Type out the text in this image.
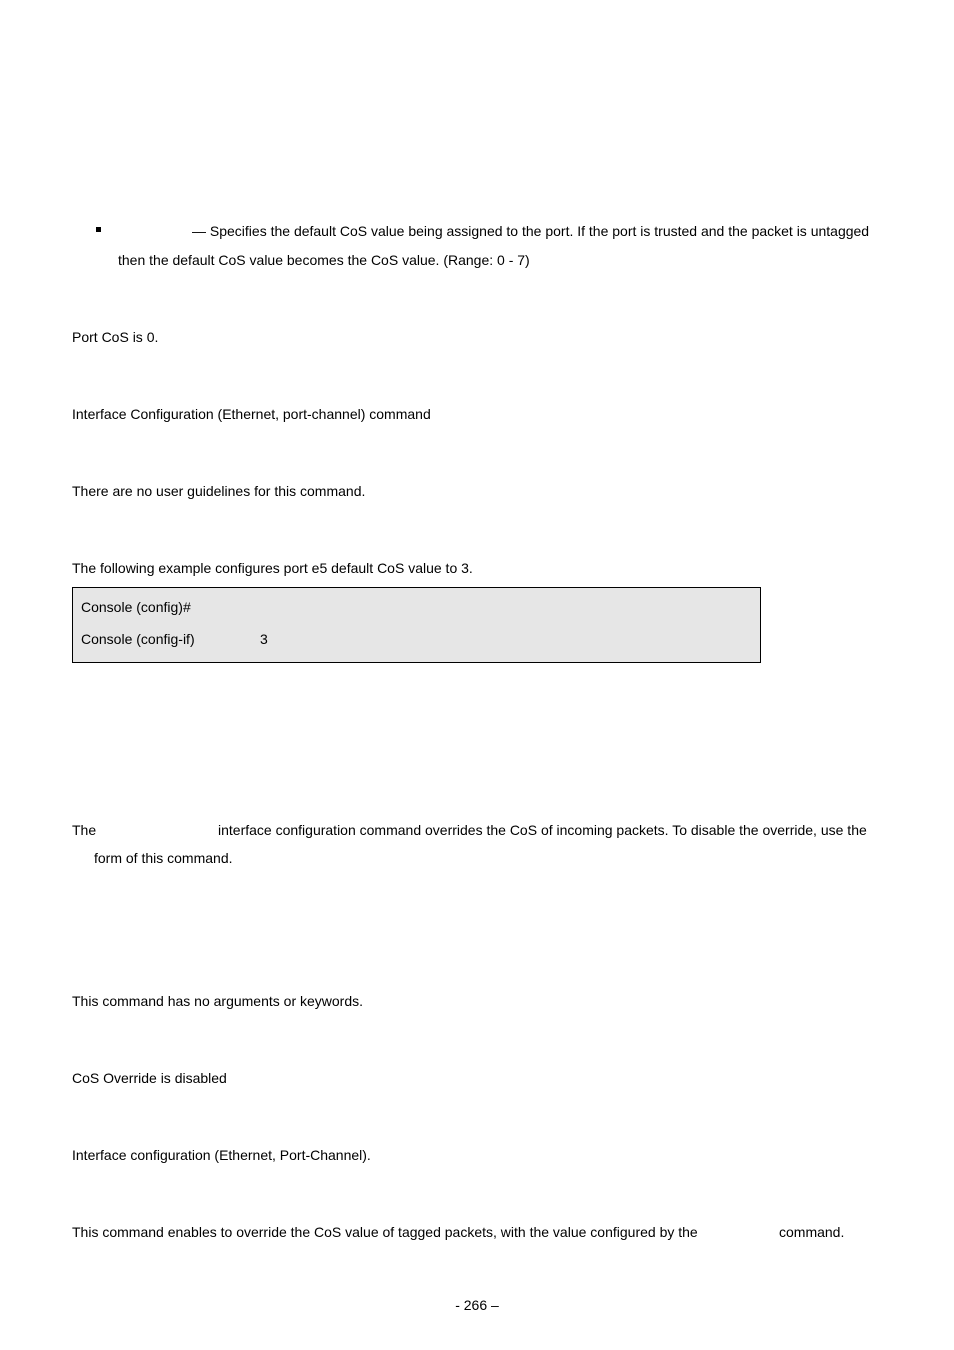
— Specifies the default CoS value being assigned to the port. If the port is trusted and the packet is untagged
then the default CoS value becomes the CoS value. (Range: 0 - 7)
Port CoS is 0.
Interface Configuration (Ethernet, port-channel) command
There are no user guidelines for this command.
The following example configures port e5 default CoS value to 3.
Console (config)#
Console (config-if)	3
The	interface configuration command overrides the CoS of incoming packets. To disable the override, use the
form of this command.
This command has no arguments or keywords.
CoS Override is disabled
Interface configuration (Ethernet, Port-Channel).
This command enables to override the CoS value of tagged packets, with the value configured by the	command.
- 266 –
